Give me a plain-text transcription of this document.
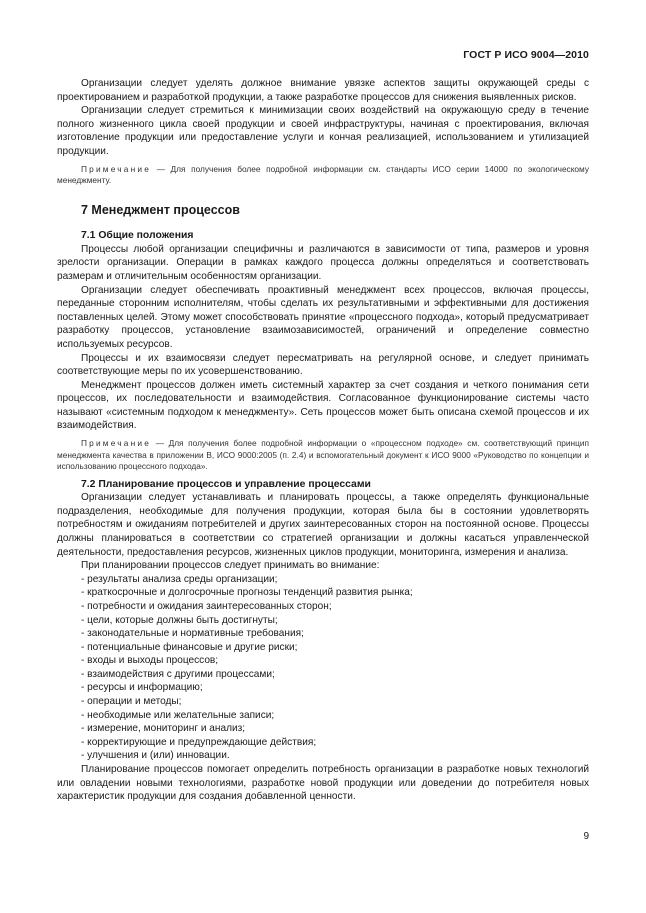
ГОСТ Р ИСО 9004—2010

Организации следует уделять должное внимание увязке аспектов защиты окружающей среды с проектированием и разработкой продукции, а также разработке процессов для снижения выявленных рисков.

Организации следует стремиться к минимизации своих воздействий на окружающую среду в течение полного жизненного цикла своей продукции и своей инфраструктуры, начиная с проектирования, включая изготовление продукции или предоставление услуги и кончая реализацией, использованием и утилизацией продукции.

Примечание — Для получения более подробной информации см. стандарты ИСО серии 14000 по экологическому менеджменту.

7 Менеджмент процессов
7.1 Общие положения

Процессы любой организации специфичны и различаются в зависимости от типа, размеров и уровня зрелости организации. Операции в рамках каждого процесса должны определяться и соответствовать размерам и отличительным особенностям организации.

Организации следует обеспечивать проактивный менеджмент всех процессов, включая процессы, переданные сторонним исполнителям, чтобы сделать их результативными и эффективными для достижения поставленных целей. Этому может способствовать принятие «процессного подхода», который предусматривает разработку процессов, установление взаимозависимостей, ограничений и определение совместно используемых ресурсов.

Процессы и их взаимосвязи следует пересматривать на регулярной основе, и следует принимать соответствующие меры по их усовершенствованию.

Менеджмент процессов должен иметь системный характер за счет создания и четкого понимания сети процессов, их последовательности и взаимодействия. Согласованное функционирование системы часто называют «системным подходом к менеджменту». Сеть процессов может быть описана схемой процессов и их взаимодействия.

Примечание — Для получения более подробной информации о «процессном подходе» см. соответствующий принцип менеджмента качества в приложении В, ИСО 9000:2005 (п. 2.4) и вспомогательный документ к ИСО 9000 «Руководство по концепции и использованию процессного подхода».

7.2 Планирование процессов и управление процессами

Организации следует устанавливать и планировать процессы, а также определять функциональные подразделения, необходимые для получения продукции, которая была бы в состоянии удовлетворять потребностям и ожиданиям потребителей и других заинтересованных сторон на постоянной основе. Процессы должны планироваться в соответствии со стратегией организации и должны касаться управленческой деятельности, предоставления ресурсов, жизненных циклов продукции, мониторинга, измерения и анализа.

При планировании процессов следует принимать во внимание:

- результаты анализа среды организации;
- краткосрочные и долгосрочные прогнозы тенденций развития рынка;
- потребности и ожидания заинтересованных сторон;
- цели, которые должны быть достигнуты;
- законодательные и нормативные требования;
- потенциальные финансовые и другие риски;
- входы и выходы процессов;
- взаимодействия с другими процессами;
- ресурсы и информацию;
- операции и методы;
- необходимые или желательные записи;
- измерение, мониторинг и анализ;
- корректирующие и предупреждающие действия;
- улучшения и (или) инновации.

Планирование процессов помогает определить потребность организации в разработке новых технологий или овладении новыми технологиями, разработке новой продукции или доведении до потребителя новых характеристик продукции для создания добавленной ценности.

9
